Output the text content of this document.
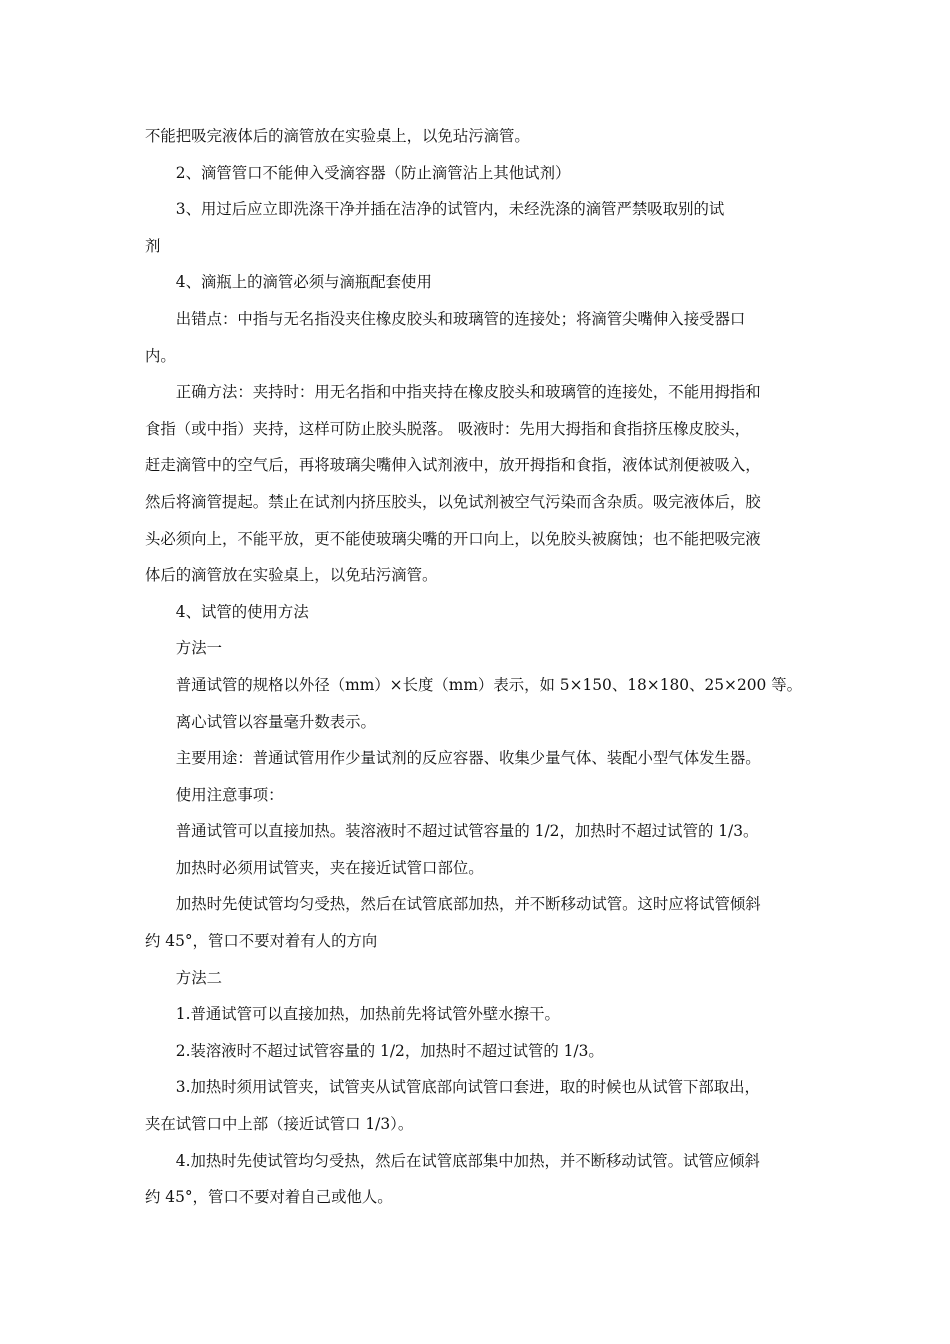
不能把吸完液体后的滴管放在实验桌上，以免玷污滴管。
2、滴管管口不能伸入受滴容器（防止滴管沾上其他试剂）
3、用过后应立即洗涤干净并插在洁净的试管内，未经洗涤的滴管严禁吸取别的试
剂
4、滴瓶上的滴管必须与滴瓶配套使用
出错点：中指与无名指没夹住橡皮胶头和玻璃管的连接处；将滴管尖嘴伸入接受器口
内。
正确方法：夹持时：用无名指和中指夹持在橡皮胶头和玻璃管的连接处，不能用拇指和
食指（或中指）夹持，这样可防止胶头脱落。 吸液时：先用大拇指和食指挤压橡皮胶头，
赶走滴管中的空气后，再将玻璃尖嘴伸入试剂液中，放开拇指和食指，液体试剂便被吸入，
然后将滴管提起。禁止在试剂内挤压胶头，以免试剂被空气污染而含杂质。吸完液体后，胶
头必须向上，不能平放，更不能使玻璃尖嘴的开口向上，以免胶头被腐蚀；也不能把吸完液
体后的滴管放在实验桌上，以免玷污滴管。
4、试管的使用方法
方法一
普通试管的规格以外径（mm）×长度（mm）表示，如 5×150、18×180、25×200 等。
离心试管以容量毫升数表示。
主要用途：普通试管用作少量试剂的反应容器、收集少量气体、装配小型气体发生器。
使用注意事项：
普通试管可以直接加热。装溶液时不超过试管容量的 1/2，加热时不超过试管的 1/3。
加热时必须用试管夹，夹在接近试管口部位。
加热时先使试管均匀受热，然后在试管底部加热，并不断移动试管。这时应将试管倾斜
约 45°，管口不要对着有人的方向
方法二
1.普通试管可以直接加热，加热前先将试管外壁水擦干。
2.装溶液时不超过试管容量的 1/2，加热时不超过试管的 1/3。
3.加热时须用试管夹，试管夹从试管底部向试管口套进，取的时候也从试管下部取出，
夹在试管口中上部（接近试管口 1/3）。
4.加热时先使试管均匀受热，然后在试管底部集中加热，并不断移动试管。试管应倾斜
约 45°，管口不要对着自己或他人。
